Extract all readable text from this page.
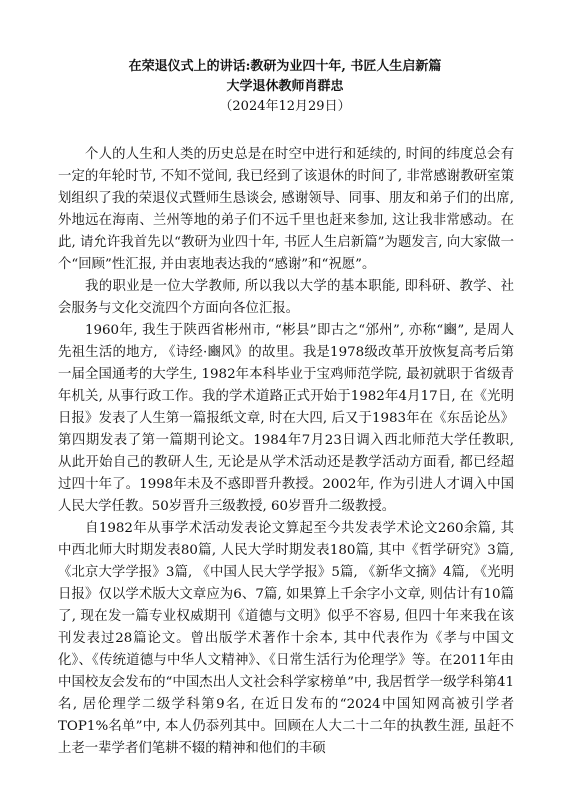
在荣退仪式上的讲话:教研为业四十年, 书匠人生启新篇
大学退休教师肖群忠
（2024年12月29日）

个人的人生和人类的历史总是在时空中进行和延续的, 时间的纬度总会有一定的年轮时节, 不知不觉间, 我已经到了该退休的时间了, 非常感谢教研室策划组织了我的荣退仪式暨师生恳谈会, 感谢领导、同事、朋友和弟子们的出席, 外地远在海南、兰州等地的弟子们不远千里也赶来参加, 这让我非常感动。在此, 请允许我首先以“教研为业四十年, 书匠人生启新篇”为题发言, 向大家做一个“回顾”性汇报, 并由衷地表达我的“感谢”和“祝愿”。

我的职业是一位大学教师, 所以我以大学的基本职能, 即科研、教学、社会服务与文化交流四个方面向各位汇报。

1960年, 我生于陕西省彬州市, “彬县”即古之“邠州”, 亦称“豳”, 是周人先祖生活的地方, 《诗经·豳风》的故里。我是1978级改革开放恢复高考后第一届全国通考的大学生, 1982年本科毕业于宝鸡师范学院, 最初就职于省级青年机关, 从事行政工作。我的学术道路正式开始于1982年4月17日, 在《光明日报》发表了人生第一篇报纸文章, 时在大四, 后又于1983年在《东岳论丛》第四期发表了第一篇期刊论文。1984年7月23日调入西北师范大学任教职, 从此开始自己的教研人生, 无论是从学术活动还是教学活动方面看, 都已经超过四十年了。1998年未及不惑即晋升教授。2002年, 作为引进人才调入中国人民大学任教。50岁晋升三级教授, 60岁晋升二级教授。

自1982年从事学术活动发表论文算起至今共发表学术论文260余篇, 其中西北师大时期发表80篇, 人民大学时期发表180篇, 其中《哲学研究》3篇, 《北京大学学报》3篇, 《中国人民大学学报》5篇, 《新华文摘》4篇, 《光明日报》仅以学术版大文章应为6、7篇, 如果算上千余字小文章, 则估计有10篇了, 现在发一篇专业权威期刊《道德与文明》似乎不容易, 但四十年来我在该刊发表过28篇论文。曾出版学术著作十余本, 其中代表作为《孝与中国文化》、《传统道德与中华人文精神》、《日常生活行为伦理学》等。在2011年由中国校友会发布的“中国杰出人文社会科学家榜单”中, 我居哲学一级学科第41名, 居伦理学二级学科第9名, 在近日发布的“2024中国知网高被引学者TOP1%名单”中, 本人仍忝列其中。回顾在人大二十二年的执教生涯, 虽赶不上老一辈学者们笔耕不辍的精神和他们的丰硕
